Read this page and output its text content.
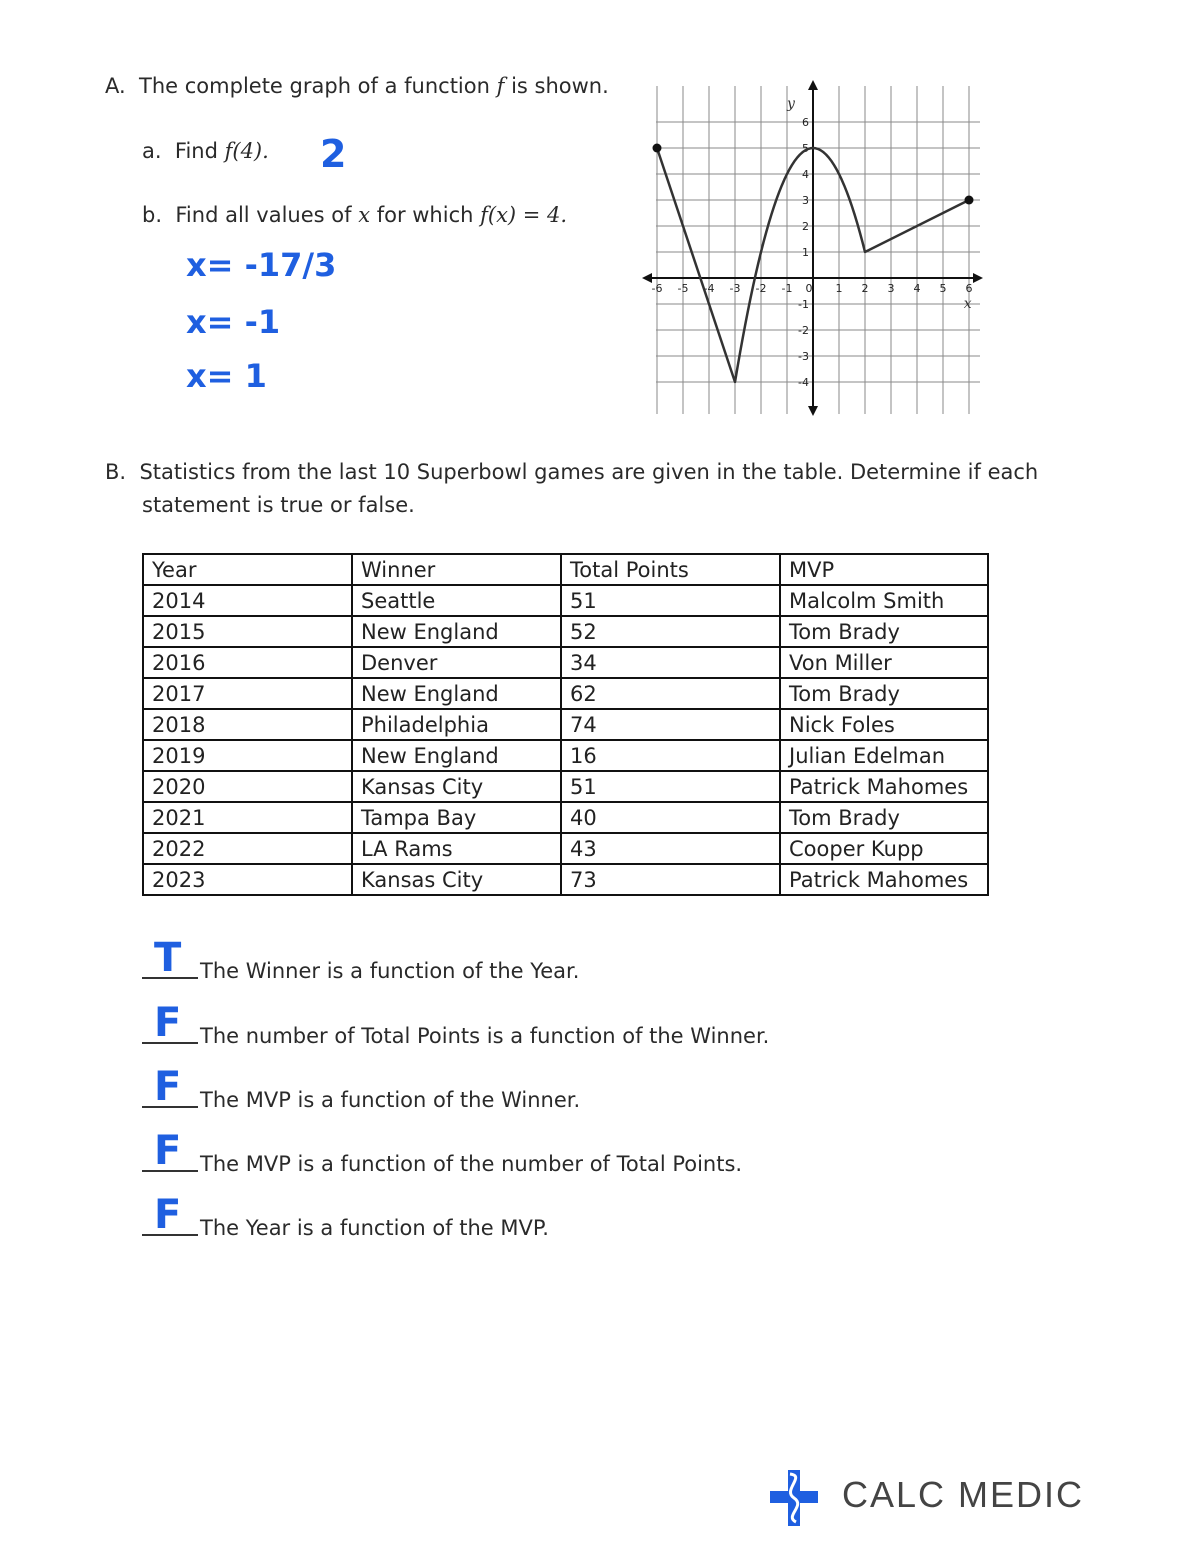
A. The complete graph of a function f is shown.
a. Find f(4). 2
b. Find all values of x for which f(x) = 4.
x= -17/3
x= -1
x= 1
-6 -5 -4 -3 -2 -1 0 1 2 3 4 5 6
-4
-3
-2
-1
1
2
3
4
5
6
y
x
B. Statistics from the last 10 Superbowl games are given in the table. Determine if each
statement is true or false.
Year	Winner	Total Points	MVP
2014	Seattle	51	Malcolm Smith
2015	New England	52	Tom Brady
2016	Denver	34	Von Miller
2017	New England	62	Tom Brady
2018	Philadelphia	74	Nick Foles
2019	New England	16	Julian Edelman
2020	Kansas City	51	Patrick Mahomes
2021	Tampa Bay	40	Tom Brady
2022	LA Rams	43	Cooper Kupp
2023	Kansas City	73	Patrick Mahomes
T The Winner is a function of the Year.
F The number of Total Points is a function of the Winner.
F The MVP is a function of the Winner.
F The MVP is a function of the number of Total Points.
F The Year is a function of the MVP.
CALC MEDIC
